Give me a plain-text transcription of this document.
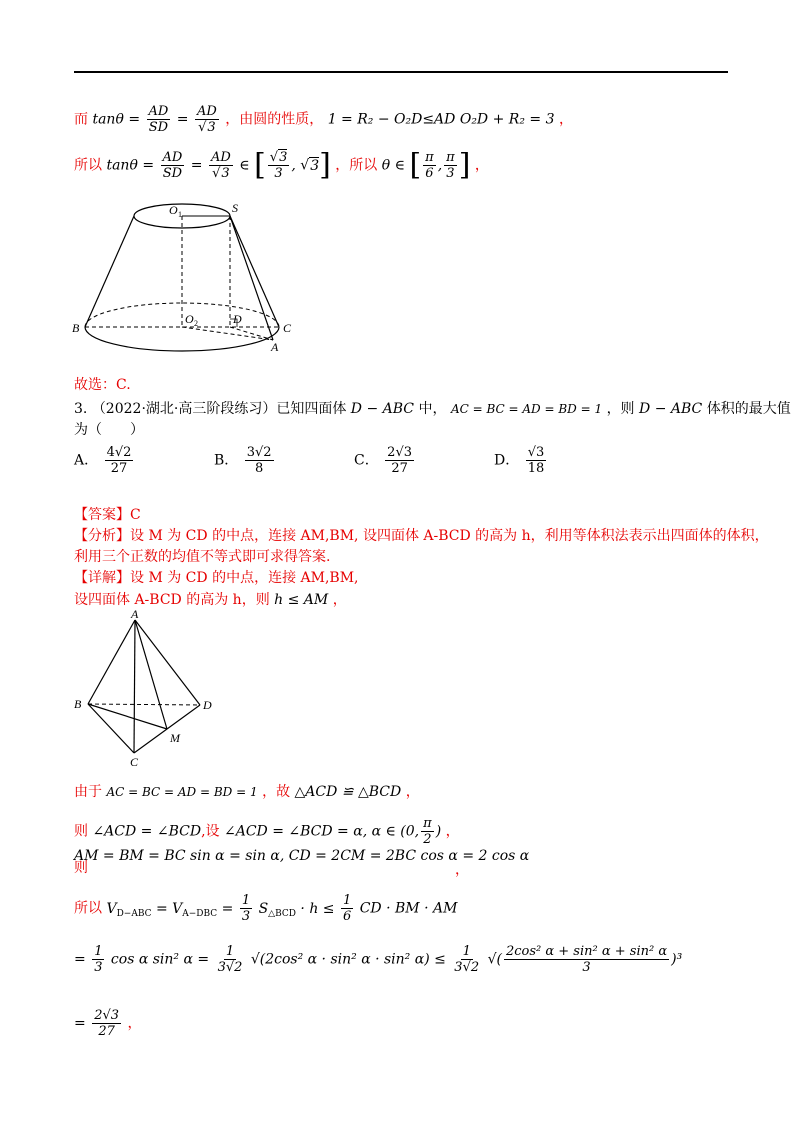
而 $\tan\theta = \frac{AD}{SD} = \frac{AD}{√3}$ ，由圆的性质， 1 = R₂ − O₂D≤AD O₂D + R₂ = 3 ，
所以 $\tan\theta = \frac{AD}{SD} = \frac{AD}{√3}$ ∈ [ $\frac{√3}{3}$ , √3] ，所以 θ ∈ [ $\frac{\pi}{6}$ , $\frac{\pi}{3}$ ] ，
O 1	S
O 2	D
B	C
A
故选：C.
3. （2022·湖北·高三阶段练习）已知四面体 D − ABC 中， AC = BC = AD = BD = 1 ，则 D − ABC 体积的最大值
为（　　）
A． $\frac{4√2}{27}$	B． $\frac{3√2}{8}$	C． $\frac{2√3}{27}$	D． $\frac{√3}{18}$
【答案】C
【分析】设 M 为 CD 的中点，连接 AM,BM, 设四面体 A-BCD 的高为 h，利用等体积法表示出四面体的体积，
利用三个正数的均值不等式即可求得答案.
【详解】设 M 为 CD 的中点，连接 AM,BM,
设四面体 A-BCD 的高为 h，则 h ≤ AM ，
A
B	D
M
C
由于 AC = BC = AD = BD = 1 ，故 △ACD ≌ △BCD ，
则 ∠ACD = ∠BCD,设 ∠ACD = ∠BCD = α, α ∈ (0, $\frac{\pi}{2}$ ) ，
AM = BM = BC sin α = sin α, CD = 2CM = 2BC cos α = 2 cos α
则	，
所以 $V_{D-ABC} = V_{A-DBC} = \frac{1}{3} S_{\triangle BCD} \cdot h \le \frac{1}{6}$ CD · BM · AM
= $\frac{1}{3}$ cos α sin² $\alpha = \frac{1}{3√2} √(2\cos^2$ α · sin² α · sin² $\alpha) \le \frac{1}{3√2}$ √( $\frac{\text{2cos² α + sin² α + sin² α}}{3} )^3$
= $\frac{2√3}{27}$ ，
